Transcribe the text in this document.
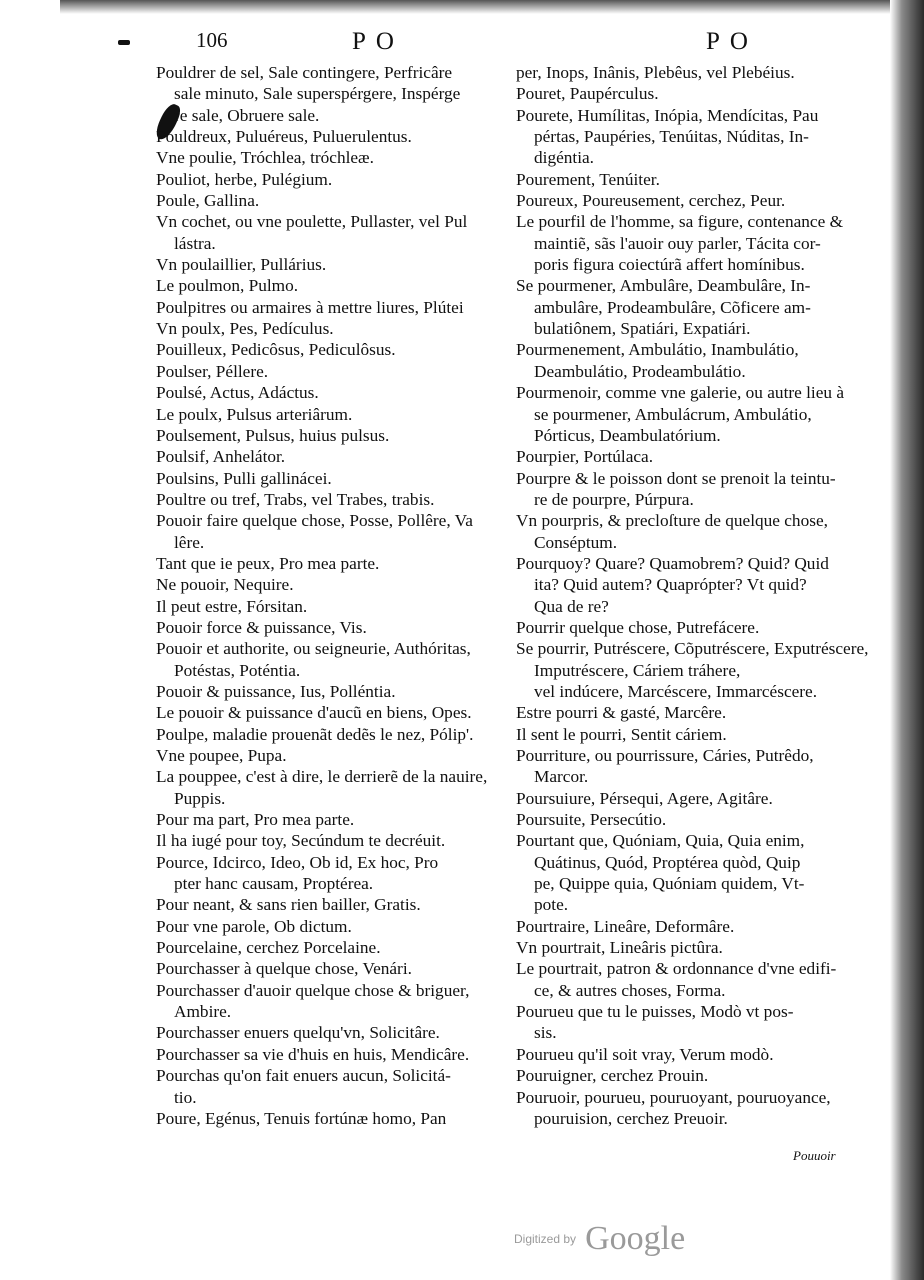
106	PO	PO

Pouldrer de sel, Sale contingere, Perfricâre
sale minuto, Sale superspérgere, Inspérge
re sale, Obruere sale.

Pouldreux, Puluéreus, Puluerulentus.

Vne poulie, Tróchlea, tróchleæ.

Pouliot, herbe, Pulégium.

Poule, Gallina.

Vn cochet, ou vne poulette, Pullaster, vel Pul
lástra.

Vn poulaillier, Pullárius.

Le poulmon, Pulmo.

Poulpitres ou armaires à mettre liures, Plútei

Vn poulx, Pes, Pedículus.

Pouilleux, Pedicôsus, Pediculôsus.

Poulser, Péllere.

Poulsé, Actus, Adáctus.

Le poulx, Pulsus arteriârum.

Poulsement, Pulsus, huius pulsus.

Poulsif, Anhelátor.

Poulsins, Pulli gallinácei.

Poultre ou tref, Trabs, vel Trabes, trabis.

Pouoir faire quelque chose, Posse, Pollêre, Va
lêre.

Tant que ie peux, Pro mea parte.

Ne pouoir, Nequire.

Il peut estre, Fórsitan.

Pouoir force & puissance, Vis.

Pouoir et authorite, ou seigneurie, Authóritas,
Potéstas, Poténtia.

Pouoir & puissance, Ius, Polléntia.

Le pouoir & puissance d'aucũ en biens, Opes.

Poulpe, maladie prouenãt dedẽs le nez, Pólip'.

Vne poupee, Pupa.

La pouppee, c'est à dire, le derrierẽ de la nauire,
Puppis.

Pour ma part, Pro mea parte.

Il ha iugé pour toy, Secúndum te decréuit.

Pource, Idcirco, Ideo, Ob id, Ex hoc, Pro
pter hanc causam, Proptérea.

Pour neant, & sans rien bailler, Gratis.

Pour vne parole, Ob dictum.

Pourcelaine, cerchez Porcelaine.

Pourchasser à quelque chose, Venári.

Pourchasser d'auoir quelque chose & briguer,
Ambire.

Pourchasser enuers quelqu'vn, Solicitâre.

Pourchasser sa vie d'huis en huis, Mendicâre.

Pourchas qu'on fait enuers aucun, Solicitá-
tio.

Poure, Egénus, Tenuis fortúnæ homo, Pan

per, Inops, Inânis, Plebêus, vel Plebéius.

Pouret, Paupérculus.

Pourete, Humílitas, Inópia, Mendícitas, Pau
pértas, Paupéries, Tenúitas, Núditas, In-
digéntia.

Pourement, Tenúiter.

Poureux, Poureusement, cerchez, Peur.

Le pourfil de l'homme, sa figure, contenance &
maintiẽ, sãs l'auoir ouy parler, Tácita cor-
poris figura coiectúrã affert homínibus.

Se pourmener, Ambulâre, Deambulâre, In-
ambulâre, Prodeambulâre, Cõficere am-
bulatiônem, Spatiári, Expatiári.

Pourmenement, Ambulátio, Inambulátio,
Deambulátio, Prodeambulátio.

Pourmenoir, comme vne galerie, ou autre lieu à
se pourmener, Ambulácrum, Ambulátio,
Pórticus, Deambulatórium.

Pourpier, Portúlaca.

Pourpre & le poisson dont se prenoit la teintu-
re de pourpre, Púrpura.

Vn pourpris, & precloſture de quelque chose,
Conséptum.

Pourquoy? Quare? Quamobrem? Quid? Quid
ita? Quid autem? Quaprópter? Vt quid?
Qua de re?

Pourrir quelque chose, Putrefácere.

Se pourrir, Putréscere, Cõputréscere, Exputréscere, Imputréscere, Cáriem tráhere,
vel indúcere, Marcéscere, Immarcéscere.

Estre pourri & gasté, Marcêre.

Il sent le pourri, Sentit cáriem.

Pourriture, ou pourrissure, Cáries, Putrêdo,
Marcor.

Poursuiure, Pérsequi, Agere, Agitâre.

Poursuite, Persecútio.

Pourtant que, Quóniam, Quia, Quia enim,
Quátinus, Quód, Proptérea quòd, Quip
pe, Quippe quia, Quóniam quidem, Vt-
pote.

Pourtraire, Lineâre, Deformâre.

Vn pourtrait, Lineâris pictûra.

Le pourtrait, patron & ordonnance d'vne edifi-
ce, & autres choses, Forma.

Pourueu que tu le puisses, Modò vt pos-
sis.

Pourueu qu'il soit vray, Verum modò.

Pouruigner, cerchez Prouin.

Pouruoir, pourueu, pouruoyant, pouruoyance,
pouruision, cerchez Preuoir.

Pouuoir
Digitized by Google
